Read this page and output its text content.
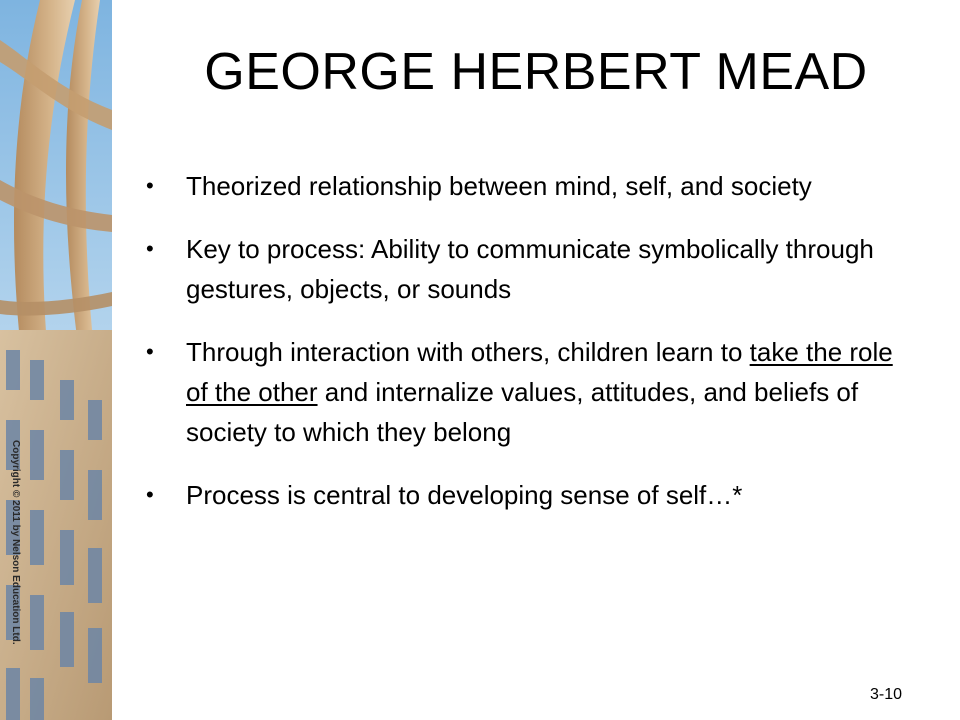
Copyright © 2011 by Nelson Education Ltd.
GEORGE HERBERT MEAD
• Theorized relationship between mind, self, and society
• Key to process: Ability to communicate symbolically through gestures, objects, or sounds
• Through interaction with others, children learn to take the role of the other and internalize values, attitudes, and beliefs of society to which they belong
• Process is central to developing sense of self…*
3-10
